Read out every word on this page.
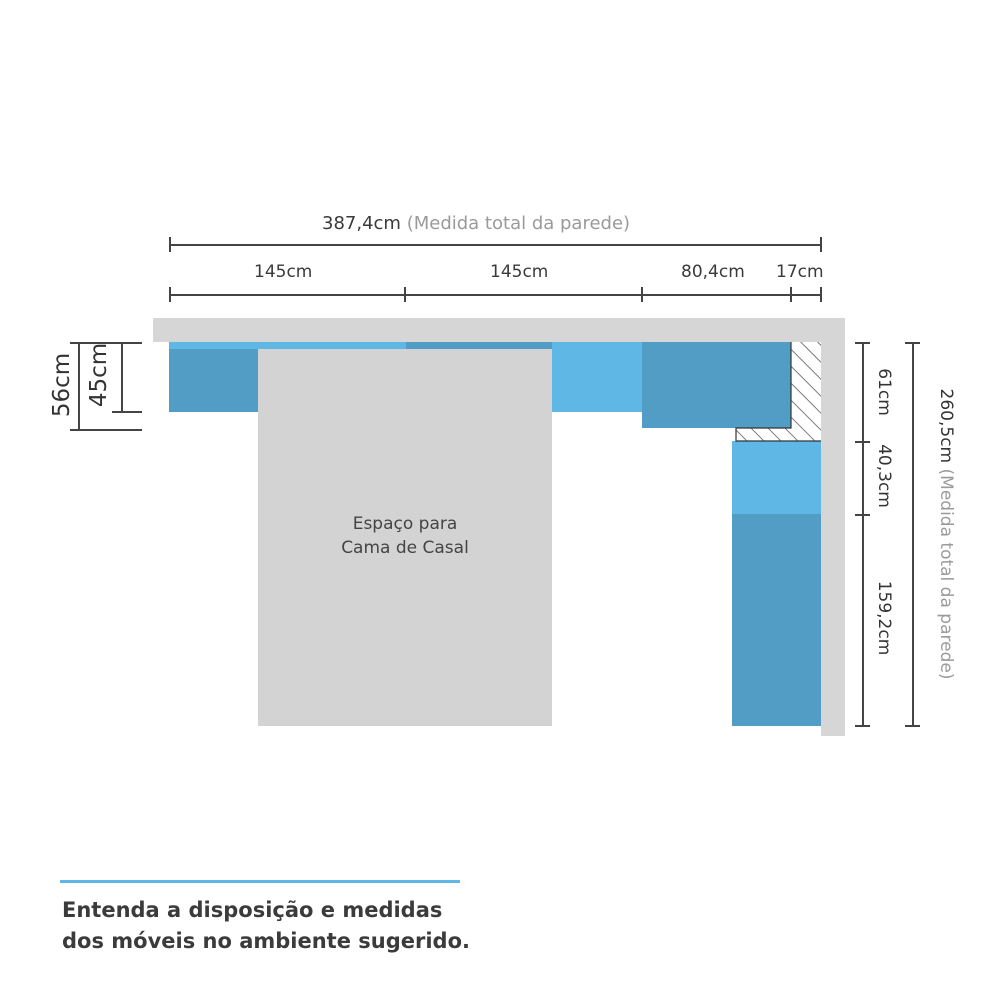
387,4cm (Medida total da parede)
145cm	145cm	80,4cm 17cm
Espaço para
Cama de Casal
56cm 45cm	61cm
40,3cm
159,2cm
260,5cm (Medida total da parede)
Entenda a disposição e medidas
dos móveis no ambiente sugerido.
